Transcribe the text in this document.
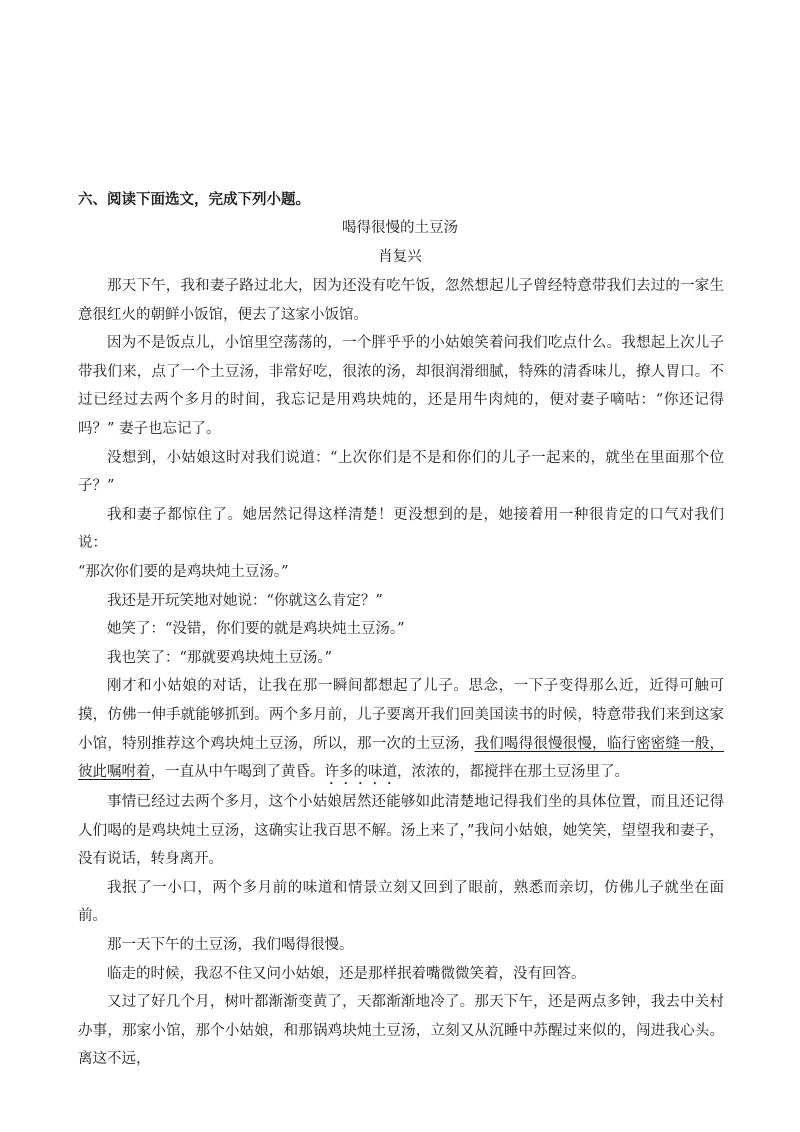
六、阅读下面选文，完成下列小题。
喝得很慢的土豆汤
肖复兴

那天下午，我和妻子路过北大，因为还没有吃午饭，忽然想起儿子曾经特意带我们去过的一家生意很红火的朝鲜小饭馆，便去了这家小饭馆。

因为不是饭点儿，小馆里空荡荡的，一个胖乎乎的小姑娘笑着问我们吃点什么。我想起上次儿子带我们来，点了一个土豆汤，非常好吃，很浓的汤，却很润滑细腻，特殊的清香味儿，撩人胃口。不过已经过去两个多月的时间，我忘记是用鸡块炖的，还是用牛肉炖的，便对妻子嘀咕：“你还记得吗？” 妻子也忘记了。

没想到，小姑娘这时对我们说道：“上次你们是不是和你们的儿子一起来的，就坐在里面那个位子？”

我和妻子都惊住了。她居然记得这样清楚！更没想到的是，她接着用一种很肯定的口气对我们说：

“那次你们要的是鸡块炖土豆汤。”

我还是开玩笑地对她说：“你就这么肯定？”

她笑了：“没错，你们要的就是鸡块炖土豆汤。”

我也笑了：“那就要鸡块炖土豆汤。”

刚才和小姑娘的对话，让我在那一瞬间都想起了儿子。思念，一下子变得那么近，近得可触可摸，仿佛一伸手就能够抓到。两个多月前，儿子要离开我们回美国读书的时候，特意带我们来到这家小馆，特别推荐这个鸡块炖土豆汤，所以，那一次的土豆汤，我们喝得很慢很慢，临行密密缝一般，彼此嘱咐着，一直从中午喝到了黄昏。许多的味道，浓浓的，都搅拌在那土豆汤里了。

事情已经过去两个多月，这个小姑娘居然还能够如此清楚地记得我们坐的具体位置，而且还记得人们喝的是鸡块炖土豆汤，这确实让我百思不解。汤上来了，”我问小姑娘，她笑笑，望望我和妻子，没有说话，转身离开。

我抿了一小口，两个多月前的味道和情景立刻又回到了眼前，熟悉而亲切，仿佛儿子就坐在面前。

那一天下午的土豆汤，我们喝得很慢。

临走的时候，我忍不住又问小姑娘，还是那样抿着嘴微微笑着，没有回答。

又过了好几个月，树叶都渐渐变黄了，天都渐渐地冷了。那天下午，还是两点多钟，我去中关村办事，那家小馆，那个小姑娘，和那锅鸡块炖土豆汤，立刻又从沉睡中苏醒过来似的，闯进我心头。离这不远，
